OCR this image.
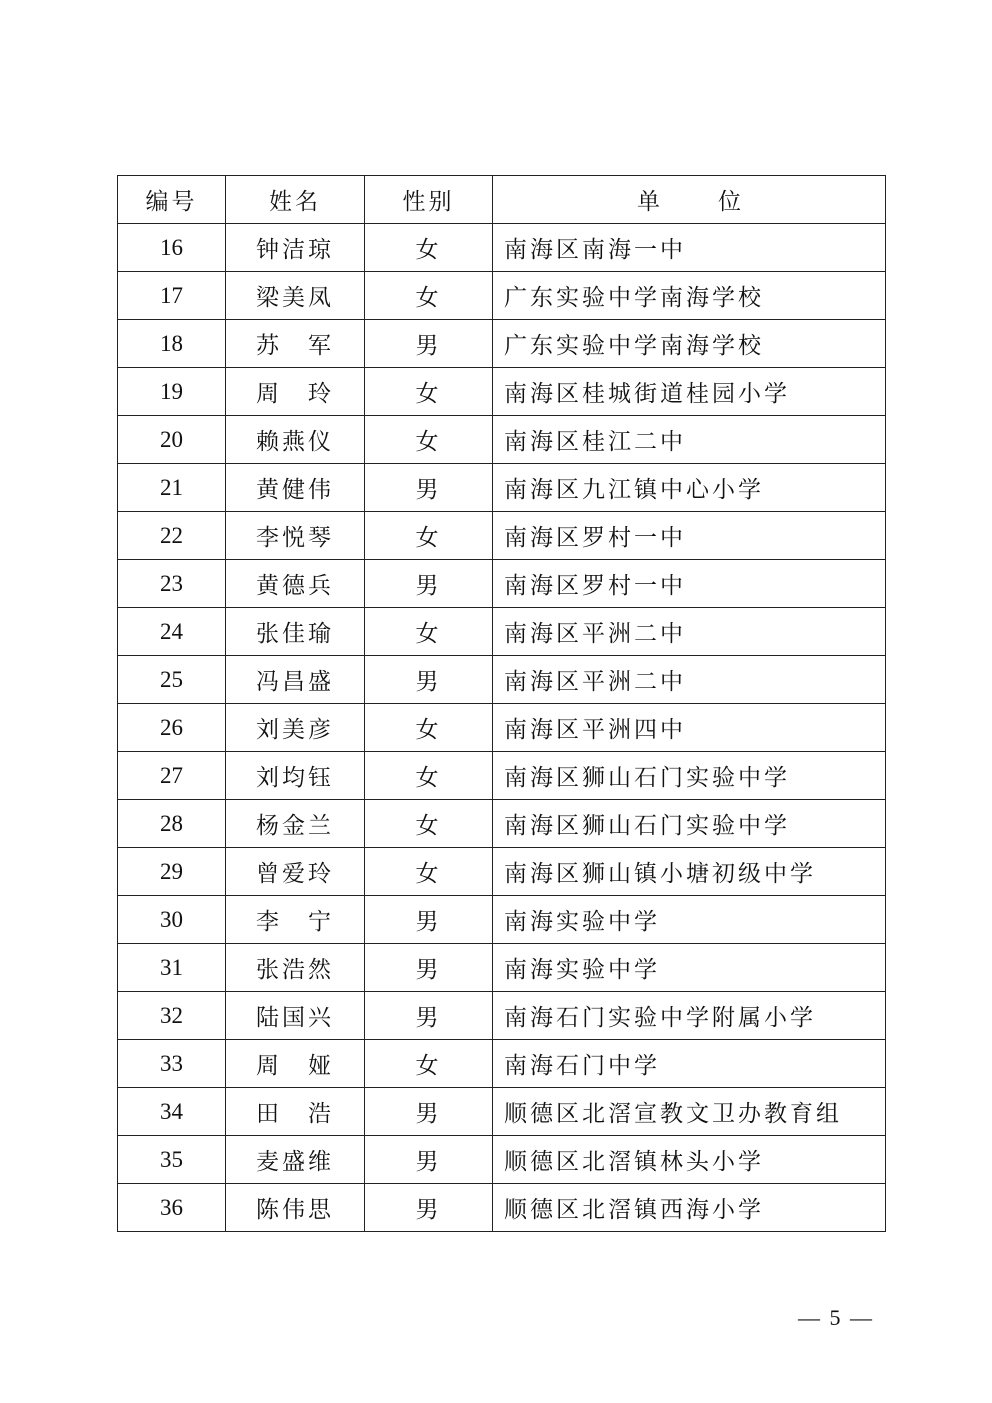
编号	姓名	性别	单 位
16	钟洁琼	女	南海区南海一中
17	梁美凤	女	广东实验中学南海学校
18	苏　军	男	广东实验中学南海学校
19	周　玲	女	南海区桂城街道桂园小学
20	赖燕仪	女	南海区桂江二中
21	黄健伟	男	南海区九江镇中心小学
22	李悦琴	女	南海区罗村一中
23	黄德兵	男	南海区罗村一中
24	张佳瑜	女	南海区平洲二中
25	冯昌盛	男	南海区平洲二中
26	刘美彦	女	南海区平洲四中
27	刘均钰	女	南海区狮山石门实验中学
28	杨金兰	女	南海区狮山石门实验中学
29	曾爱玲	女	南海区狮山镇小塘初级中学
30	李　宁	男	南海实验中学
31	张浩然	男	南海实验中学
32	陆国兴	男	南海石门实验中学附属小学
33	周　娅	女	南海石门中学
34	田　浩	男	顺德区北滘宣教文卫办教育组
35	麦盛维	男	顺德区北滘镇林头小学
36	陈伟思	男	顺德区北滘镇西海小学
— 5 —
